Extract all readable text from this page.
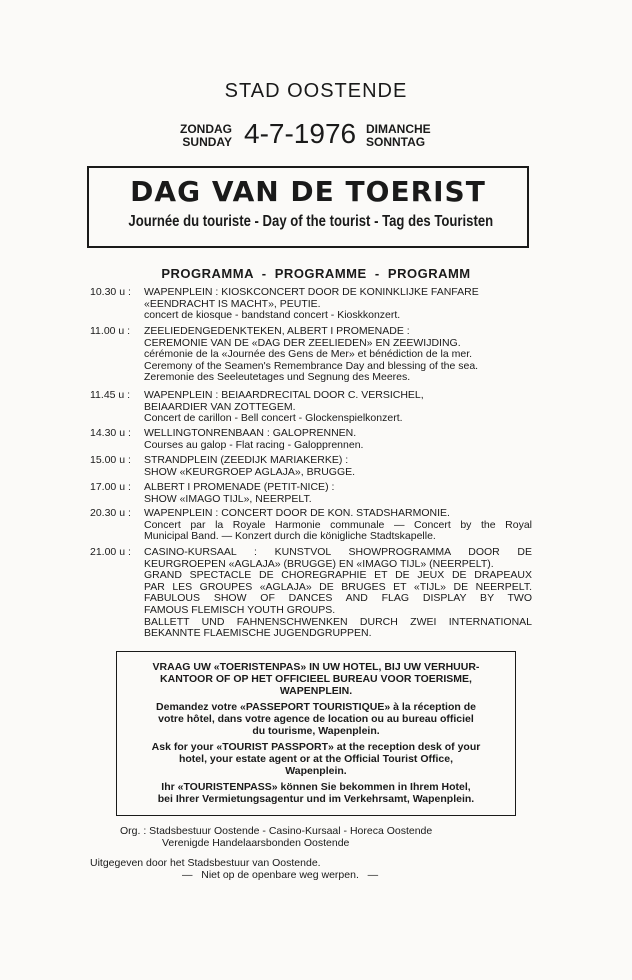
STAD OOSTENDE
ZONDAG
SUNDAY 4-7-1976 DIMANCHE
SONNTAG
DAG VAN DE TOERIST
Journée du touriste - Day of the tourist - Tag des Touristen
PROGRAMMA  -  PROGRAMME  -  PROGRAMM
10.30 u : WAPENPLEIN : KIOSKCONCERT DOOR DE KONINKLIJKE FANFARE
«EENDRACHT IS MACHT», PEUTIE.
concert de kiosque - bandstand concert - Kioskkonzert.
11.00 u : ZEELIEDENGEDENKTEKEN, ALBERT I PROMENADE :
CEREMONIE VAN DE «DAG DER ZEELIEDEN» EN ZEEWIJDING.
cérémonie de la «Journée des Gens de Mer» et bénédiction de la mer.
Ceremony of the Seamen's Remembrance Day and blessing of the sea.
Zeremonie des Seeleutetages und Segnung des Meeres.
11.45 u : WAPENPLEIN : BEIAARDRECITAL DOOR C. VERSICHEL,
BEIAARDIER VAN ZOTTEGEM.
Concert de carillon - Bell concert - Glockenspielkonzert.
14.30 u : WELLINGTONRENBAAN : GALOPRENNEN.
Courses au galop - Flat racing - Galopprennen.
15.00 u : STRANDPLEIN (ZEEDIJK MARIAKERKE) :
SHOW «KEURGROEP AGLAJA», BRUGGE.
17.00 u : ALBERT I PROMENADE (PETIT-NICE) :
SHOW «IMAGO TIJL», NEERPELT.
20.30 u : WAPENPLEIN : CONCERT DOOR DE KON. STADSHARMONIE.
Concert par la Royale Harmonie communale — Concert by the Royal
Municipal Band. — Konzert durch die königliche Stadtskapelle.
21.00 u : CASINO-KURSAAL : KUNSTVOL SHOWPROGRAMMA DOOR DE
KEURGROEPEN «AGLAJA» (BRUGGE) EN «IMAGO TIJL» (NEERPELT).
GRAND SPECTACLE DE CHOREGRAPHIE ET DE JEUX DE DRAPEAUX
PAR LES GROUPES «AGLAJA» DE BRUGES ET «TIJL» DE NEERPELT.
FABULOUS SHOW OF DANCES AND FLAG DISPLAY BY TWO
FAMOUS FLEMISCH YOUTH GROUPS.
BALLETT UND FAHNENSCHWENKEN DURCH ZWEI INTERNATIONAL
BEKANNTE FLAEMISCHE JUGENDGRUPPEN.
VRAAG UW «TOERISTENPAS» IN UW HOTEL, BIJ UW VERHUUR-
KANTOOR OF OP HET OFFICIEEL BUREAU VOOR TOERISME,
WAPENPLEIN.
Demandez votre «PASSEPORT TOURISTIQUE» à la réception de
votre hôtel, dans votre agence de location ou au bureau officiel
du tourisme, Wapenplein.
Ask for your «TOURIST PASSPORT» at the reception desk of your
hotel, your estate agent or at the Official Tourist Office,
Wapenplein.
Ihr «TOURISTENPASS» können Sie bekommen in Ihrem Hotel,
bei Ihrer Vermietungsagentur und im Verkehrsamt, Wapenplein.
Org. : Stadsbestuur Oostende - Casino-Kursaal - Horeca Oostende
Verenigde Handelaarsbonden Oostende
Uitgegeven door het Stadsbestuur van Oostende.
—   Niet op de openbare weg werpen.   —
